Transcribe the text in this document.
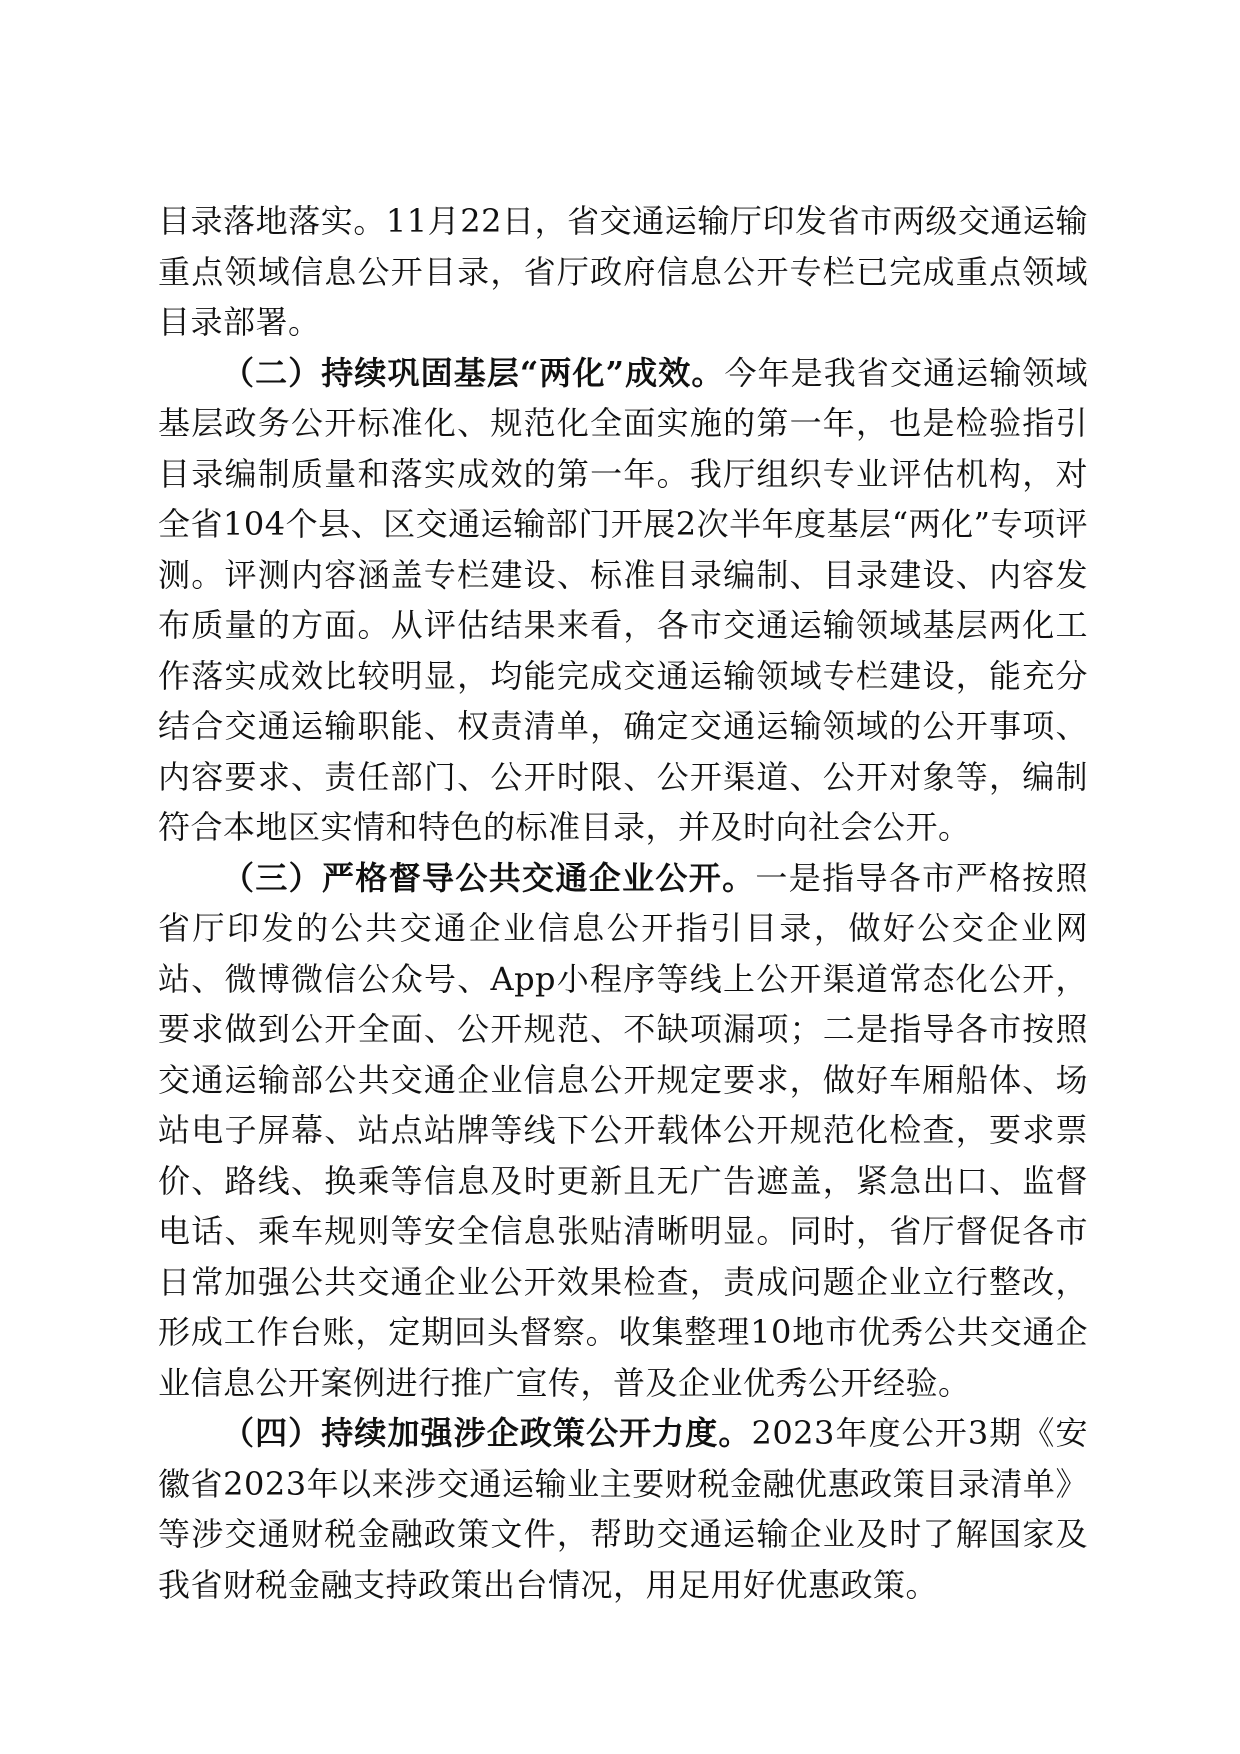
目录落地落实。11月22日，省交通运输厅印发省市两级交通运输重点领域信息公开目录，省厅政府信息公开专栏已完成重点领域目录部署。

（二）持续巩固基层“两化”成效。今年是我省交通运输领域基层政务公开标准化、规范化全面实施的第一年，也是检验指引目录编制质量和落实成效的第一年。我厅组织专业评估机构，对全省104个县、区交通运输部门开展2次半年度基层“两化”专项评测。评测内容涵盖专栏建设、标准目录编制、目录建设、内容发布质量的方面。从评估结果来看，各市交通运输领域基层两化工作落实成效比较明显，均能完成交通运输领域专栏建设，能充分结合交通运输职能、权责清单，确定交通运输领域的公开事项、内容要求、责任部门、公开时限、公开渠道、公开对象等，编制符合本地区实情和特色的标准目录，并及时向社会公开。

（三）严格督导公共交通企业公开。一是指导各市严格按照省厅印发的公共交通企业信息公开指引目录，做好公交企业网站、微博微信公众号、App小程序等线上公开渠道常态化公开，要求做到公开全面、公开规范、不缺项漏项；二是指导各市按照交通运输部公共交通企业信息公开规定要求，做好车厢船体、场站电子屏幕、站点站牌等线下公开载体公开规范化检查，要求票价、路线、换乘等信息及时更新且无广告遮盖，紧急出口、监督电话、乘车规则等安全信息张贴清晰明显。同时，省厅督促各市日常加强公共交通企业公开效果检查，责成问题企业立行整改，形成工作台账，定期回头督察。收集整理10地市优秀公共交通企业信息公开案例进行推广宣传，普及企业优秀公开经验。

（四）持续加强涉企政策公开力度。2023年度公开3期《安徽省2023年以来涉交通运输业主要财税金融优惠政策目录清单》等涉交通财税金融政策文件，帮助交通运输企业及时了解国家及我省财税金融支持政策出台情况，用足用好优惠政策。
